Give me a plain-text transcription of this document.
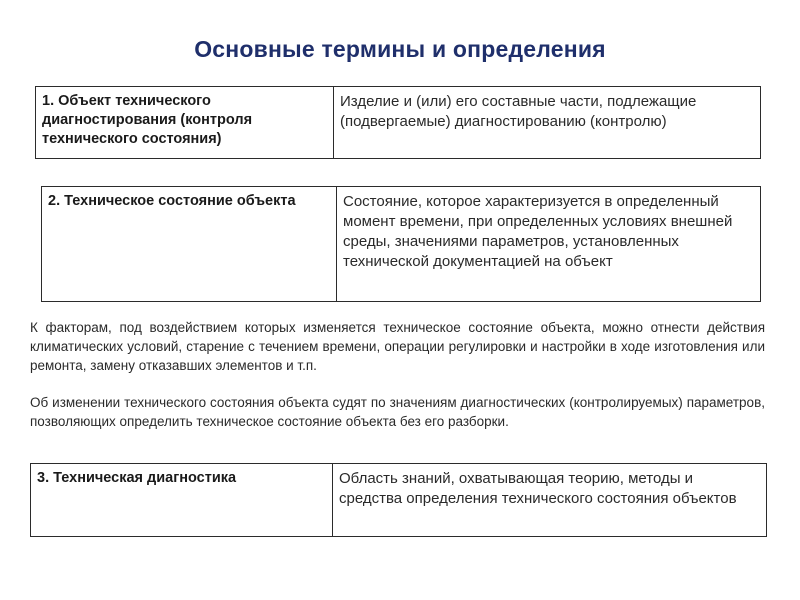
Основные термины и определения
1. Объект технического диагностирования (контроля технического состояния)
Изделие и (или) его составные части, подлежащие (подвергаемые) диагностированию (контролю)
2. Техническое состояние объекта	Состояние, которое характеризуется в определенный момент времени, при определенных условиях внешней среды, значениями параметров, установленных технической документацией на объект
К факторам, под воздействием которых изменяется техническое состояние объекта, можно отнести действия климатических условий, старение с течением времени, операции регулировки и настройки в ходе изготовления или ремонта, замену отказавших элементов и т.п.
Об изменении технического состояния объекта судят по значениям диагностических (контролируемых) параметров, позволяющих определить техническое состояние объекта без его разборки.
3. Техническая диагностика	Область знаний, охватывающая теорию, методы и средства определения технического состояния объектов
